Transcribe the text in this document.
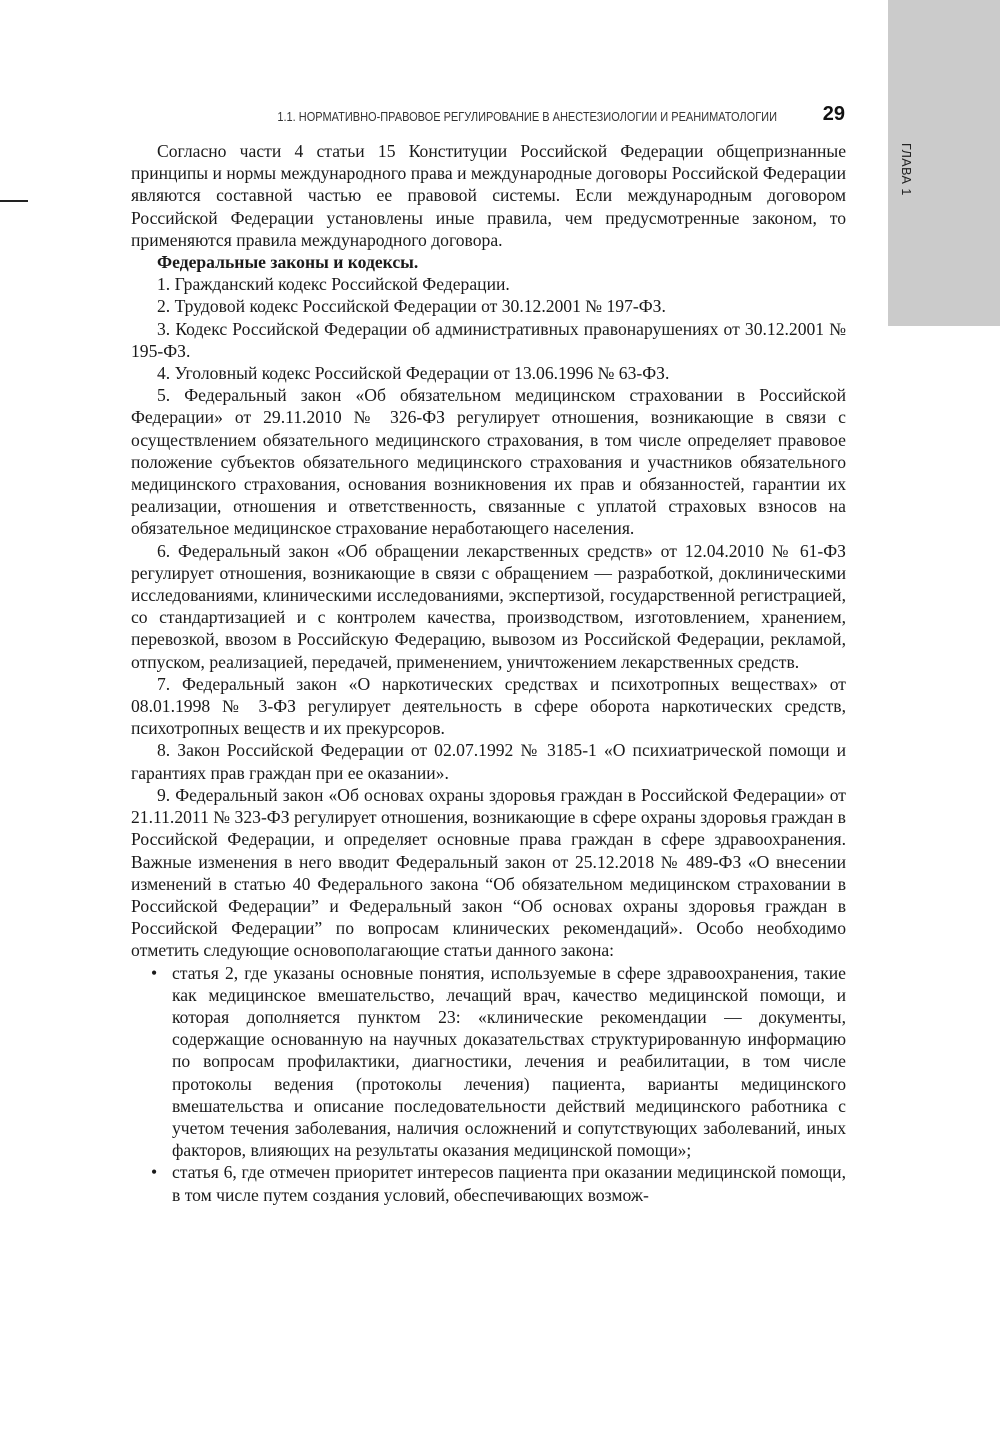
ГЛАВА 1
1.1. НОРМАТИВНО-ПРАВОВОЕ РЕГУЛИРОВАНИЕ В АНЕСТЕЗИОЛОГИИ И РЕАНИМАТОЛОГИИ 29

Согласно части 4 статьи 15 Конституции Российской Федерации общепризнанные принципы и нормы международного права и международные договоры Российской Федерации являются составной частью ее правовой системы. Если международным договором Российской Федерации установлены иные правила, чем предусмотренные законом, то применяются правила международного договора.

Федеральные законы и кодексы.

1. Гражданский кодекс Российской Федерации.

2. Трудовой кодекс Российской Федерации от 30.12.2001 № 197-ФЗ.

3. Кодекс Российской Федерации об административных правонарушениях от 30.12.2001 № 195-ФЗ.

4. Уголовный кодекс Российской Федерации от 13.06.1996 № 63-ФЗ.

5. Федеральный закон «Об обязательном медицинском страховании в Российской Федерации» от 29.11.2010 № 326-ФЗ регулирует отношения, возникающие в связи с осуществлением обязательного медицинского страхования, в том числе определяет правовое положение субъектов обязательного медицинского страхования и участников обязательного медицинского страхования, основания возникновения их прав и обязанностей, гарантии их реализации, отношения и ответственность, связанные с уплатой страховых взносов на обязательное медицинское страхование неработающего населения.

6. Федеральный закон «Об обращении лекарственных средств» от 12.04.2010 № 61-ФЗ регулирует отношения, возникающие в связи с обращением — разработкой, доклиническими исследованиями, клиническими исследованиями, экспертизой, государственной регистрацией, со стандартизацией и с контролем качества, производством, изготовлением, хранением, перевозкой, ввозом в Российскую Федерацию, вывозом из Российской Федерации, рекламой, отпуском, реализацией, передачей, применением, уничтожением лекарственных средств.

7. Федеральный закон «О наркотических средствах и психотропных веществах» от 08.01.1998 № 3-ФЗ регулирует деятельность в сфере оборота наркотических средств, психотропных веществ и их прекурсоров.

8. Закон Российской Федерации от 02.07.1992 № 3185-1 «О психиатрической помощи и гарантиях прав граждан при ее оказании».

9. Федеральный закон «Об основах охраны здоровья граждан в Российской Федерации» от 21.11.2011 № 323-ФЗ регулирует отношения, возникающие в сфере охраны здоровья граждан в Российской Федерации, и определяет основные права граждан в сфере здравоохранения. Важные изменения в него вводит Федеральный закон от 25.12.2018 № 489-ФЗ «О внесении изменений в статью 40 Федерального закона “Об обязательном медицинском страховании в Российской Федерации” и Федеральный закон “Об основах охраны здоровья граждан в Российской Федерации” по вопросам клинических рекомендаций». Особо необходимо отметить следующие основополагающие статьи данного закона:

• статья 2, где указаны основные понятия, используемые в сфере здравоохранения, такие как медицинское вмешательство, лечащий врач, качество медицинской помощи, и которая дополняется пунктом 23: «клинические рекомендации — документы, содержащие основанную на научных доказательствах структурированную информацию по вопросам профилактики, диагностики, лечения и реабилитации, в том числе протоколы ведения (протоколы лечения) пациента, варианты медицинского вмешательства и описание последовательности действий медицинского работника с учетом течения заболевания, наличия осложнений и сопутствующих заболеваний, иных факторов, влияющих на результаты оказания медицинской помощи»;
• статья 6, где отмечен приоритет интересов пациента при оказании медицинской помощи, в том числе путем создания условий, обеспечивающих возмож-
